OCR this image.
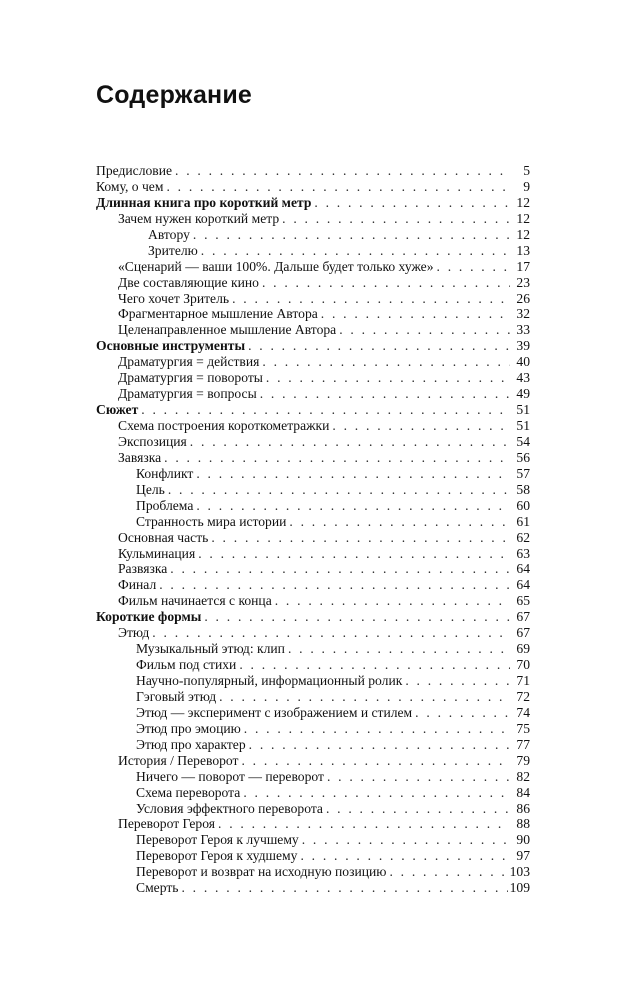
Содержание
Предисловие . . .	5
Кому, о чем . . .	9
Длинная книга про короткий метр . . .	12
Зачем нужен короткий метр . . .	12
Автору . . .	12
Зрителю . . .	13
«Сценарий — ваши 100%. Дальше будет только хуже» . . .	17
Две составляющие кино . . .	23
Чего хочет Зритель . . .	26
Фрагментарное мышление Автора . . .	32
Целенаправленное мышление Автора . . .	33
Основные инструменты . . .	39
Драматургия = действия . . .	40
Драматургия = повороты . . .	43
Драматургия = вопросы . . .	49
Сюжет . . .	51
Схема построения короткометражки . . .	51
Экспозиция . . .	54
Завязка . . .	56
Конфликт . . .	57
Цель . . .	58
Проблема . . .	60
Странность мира истории . . .	61
Основная часть . . .	62
Кульминация . . .	63
Развязка . . .	64
Финал . . .	64
Фильм начинается с конца . . .	65
Короткие формы . . .	67
Этюд . . .	67
Музыкальный этюд: клип . . .	69
Фильм под стихи . . .	70
Научно-популярный, информационный ролик . . .	71
Гэговый этюд . . .	72
Этюд — эксперимент с изображением и стилем . . .	74
Этюд про эмоцию . . .	75
Этюд про характер . . .	77
История / Переворот . . .	79
Ничего — поворот — переворот . . .	82
Схема переворота . . .	84
Условия эффектного переворота . . .	86
Переворот Героя . . .	88
Переворот Героя к лучшему . . .	90
Переворот Героя к худшему . . .	97
Переворот и возврат на исходную позицию . . .	103
Смерть . . .	109
